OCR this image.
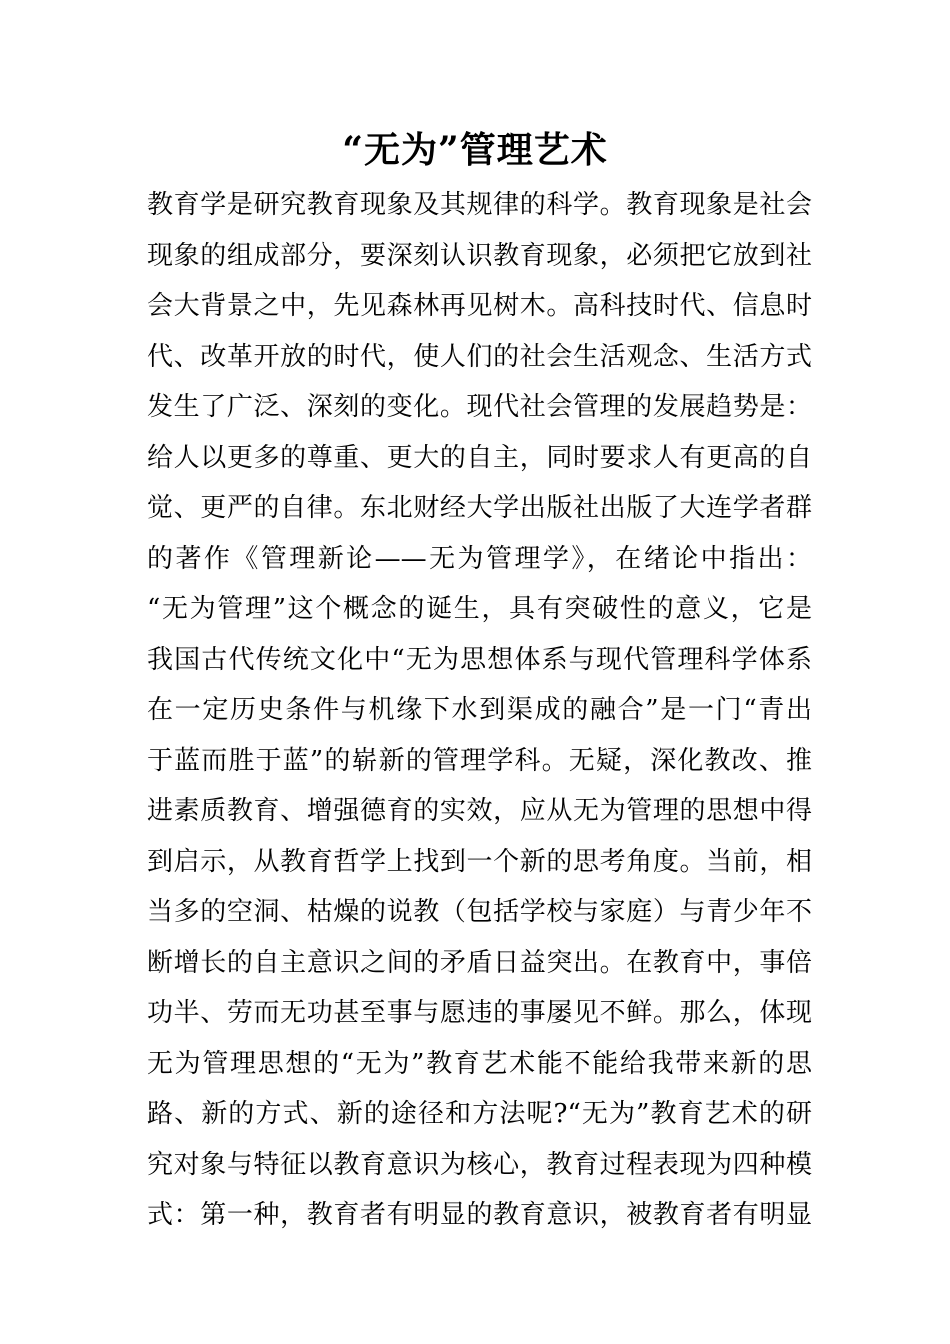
“无为”管理艺术
教育学是研究教育现象及其规律的科学。教育现象是社会
现象的组成部分，要深刻认识教育现象，必须把它放到社
会大背景之中，先见森林再见树木。高科技时代、信息时
代、改革开放的时代，使人们的社会生活观念、生活方式
发生了广泛、深刻的变化。现代社会管理的发展趋势是：
给人以更多的尊重、更大的自主，同时要求人有更高的自
觉、更严的自律。东北财经大学出版社出版了大连学者群
的著作《管理新论——无为管理学》，在绪论中指出：
“无为管理”这个概念的诞生，具有突破性的意义，它是
我国古代传统文化中“无为思想体系与现代管理科学体系
在一定历史条件与机缘下水到渠成的融合”是一门“青出
于蓝而胜于蓝”的崭新的管理学科。无疑，深化教改、推
进素质教育、增强德育的实效，应从无为管理的思想中得
到启示，从教育哲学上找到一个新的思考角度。当前，相
当多的空洞、枯燥的说教（包括学校与家庭）与青少年不
断增长的自主意识之间的矛盾日益突出。在教育中，事倍
功半、劳而无功甚至事与愿违的事屡见不鲜。那么，体现
无为管理思想的“无为”教育艺术能不能给我带来新的思
路、新的方式、新的途径和方法呢?“无为”教育艺术的研
究对象与特征以教育意识为核心，教育过程表现为四种模
式：第一种，教育者有明显的教育意识，被教育者有明显
